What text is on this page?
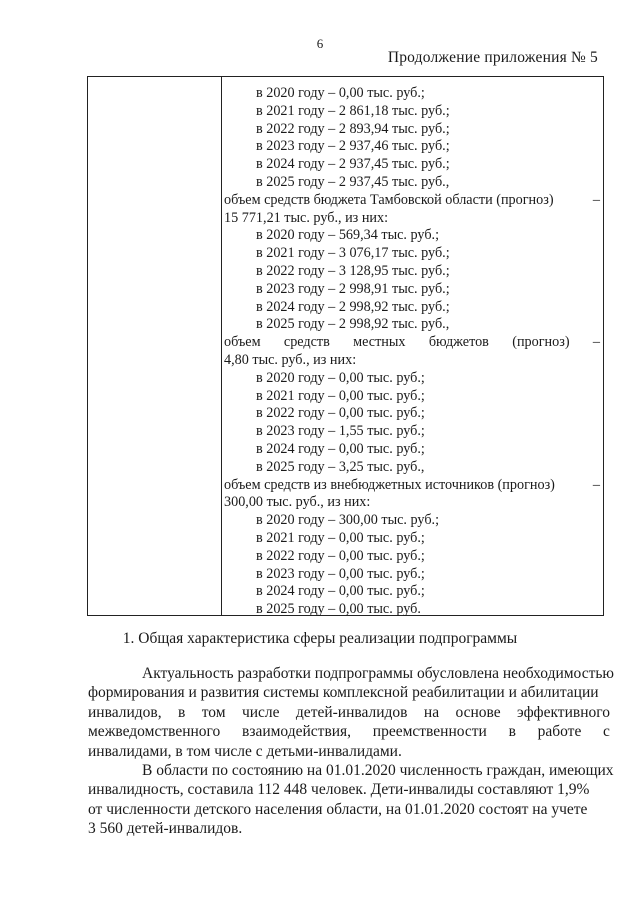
6
Продолжение приложения № 5
в 2020 году – 0,00 тыс. руб.;
в 2021 году – 2 861,18 тыс. руб.;
в 2022 году – 2 893,94 тыс. руб.;
в 2023 году – 2 937,46 тыс. руб.;
в 2024 году – 2 937,45 тыс. руб.;
в 2025 году – 2 937,45 тыс. руб.,
объем средств бюджета Тамбовской области (прогноз)	–
15 771,21 тыс. руб., из них:
в 2020 году – 569,34 тыс. руб.;
в 2021 году – 3 076,17 тыс. руб.;
в 2022 году – 3 128,95 тыс. руб.;
в 2023 году – 2 998,91 тыс. руб.;
в 2024 году – 2 998,92 тыс. руб.;
в 2025 году – 2 998,92 тыс. руб.,
объем средств местных бюджетов (прогноз) –
4,80 тыс. руб., из них:
в 2020 году – 0,00 тыс. руб.;
в 2021 году – 0,00 тыс. руб.;
в 2022 году – 0,00 тыс. руб.;
в 2023 году – 1,55 тыс. руб.;
в 2024 году – 0,00 тыс. руб.;
в 2025 году – 3,25 тыс. руб.,
объем средств из внебюджетных источников (прогноз)	–
300,00 тыс. руб., из них:
в 2020 году – 300,00 тыс. руб.;
в 2021 году – 0,00 тыс. руб.;
в 2022 году – 0,00 тыс. руб.;
в 2023 году – 0,00 тыс. руб.;
в 2024 году – 0,00 тыс. руб.;
в 2025 году – 0,00 тыс. руб.
1. Общая характеристика сферы реализации подпрограммы
Актуальность разработки подпрограммы обусловлена необходимостью
формирования и развития системы комплексной реабилитации и абилитации
инвалидов, в том числе детей-инвалидов на основе эффективного
межведомственного взаимодействия, преемственности в работе с
инвалидами, в том числе с детьми-инвалидами.
В области по состоянию на 01.01.2020 численность граждан, имеющих
инвалидность, составила 112 448 человек. Дети-инвалиды составляют 1,9%
от численности детского населения области, на 01.01.2020 состоят на учете
3 560 детей-инвалидов.
